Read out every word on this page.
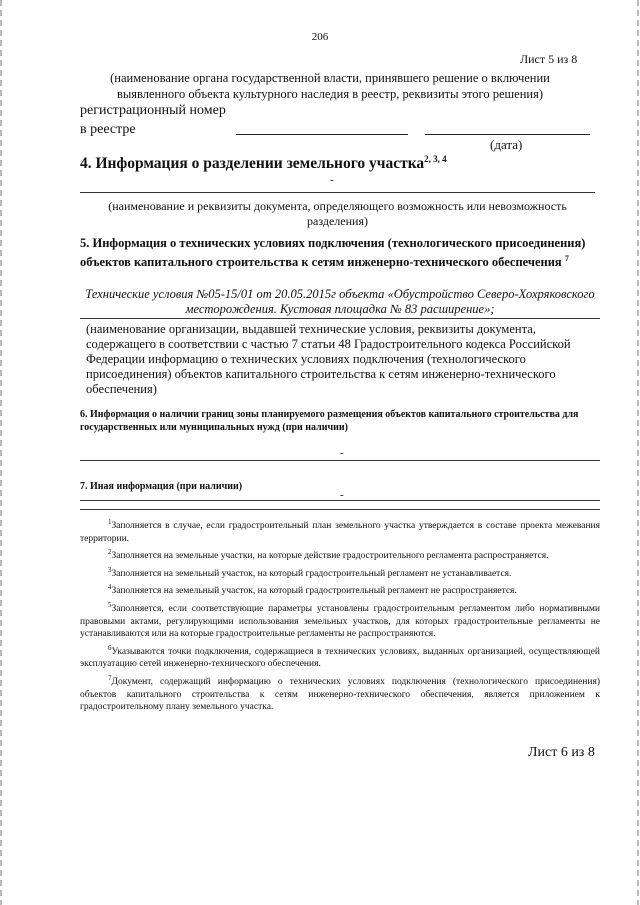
206
Лист 5 из 8
(наименование органа государственной власти, принявшего решение о включении выявленного объекта культурного наследия в реестр, реквизиты этого решения)
регистрационный номер
в реестре
(дата)
4. Информация о разделении земельного участка$^{2, 3, 4}$
-
(наименование и реквизиты документа, определяющего возможность или невозможность разделения)
5. Информация о технических условиях подключения (технологического присоединения) объектов капитального строительства к сетям инженерно-технического обеспечения $^7$
Технические условия №05-15/01 от 20.05.2015г объекта «Обустройство Северо-Хохряковского месторождения. Кустовая площадка № 83 расширение»;
(наименование организации, выдавшей технические условия, реквизиты документа, содержащего в соответствии с частью 7 статьи 48 Градостроительного кодекса Российской Федерации информацию о технических условиях подключения (технологического присоединения) объектов капитального строительства к сетям инженерно-технического обеспечения)
6. Информация о наличии границ зоны планируемого размещения объектов капитального строительства для государственных или муниципальных нужд (при наличии)
-
7. Иная информация (при наличии)
-

$^1$Заполняется в случае, если градостроительный план земельного участка утверждается в составе проекта межевания территории.

$^2$Заполняется на земельные участки, на которые действие градостроительного регламента распространяется.

$^3$Заполняется на земельный участок, на который градостроительный регламент не устанавливается.

$^4$Заполняется на земельный участок, на который градостроительный регламент не распространяется.

$^5$Заполняется, если соответствующие параметры установлены градостроительным регламентом либо нормативными правовыми актами, регулирующими использования земельных участков, для которых градостроительные регламенты не устанавливаются или на которые градостроительные регламенты не распространяются.

$^6$Указываются точки подключения, содержащиеся в технических условиях, выданных организацией, осуществляющей эксплуатацию сетей инженерно-технического обеспечения.

$^7$Документ, содержащий информацию о технических условиях подключения (технологического присоединения) объектов капитального строительства к сетям инженерно-технического обеспечения, является приложением к градостроительному плану земельного участка.

Лист 6 из 8
